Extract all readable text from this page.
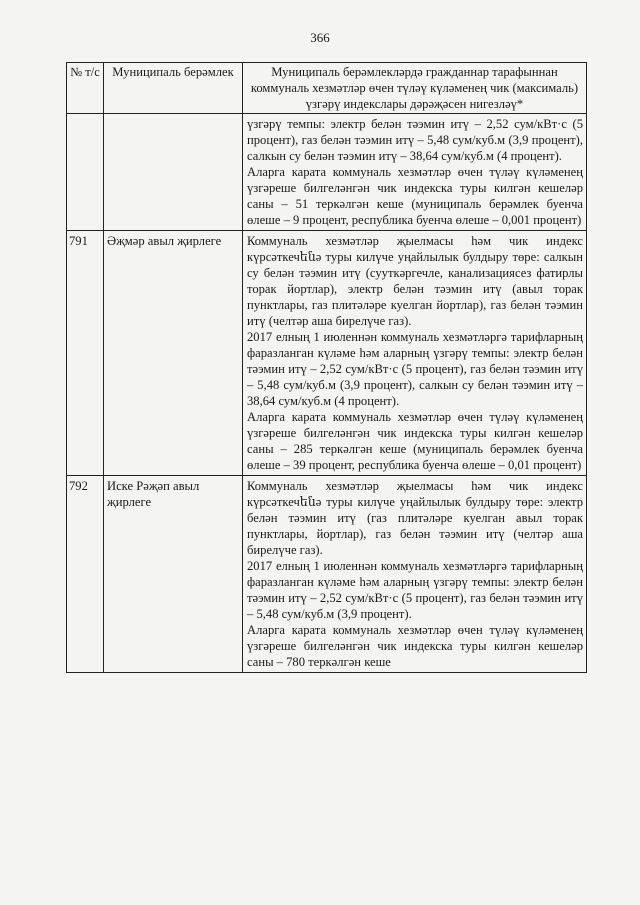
366
№ т/с	Муниципаль берәмлек	Муниципаль берәмлекләрдә гражданнар тарафыннан коммуналь хезмәтләр өчен түләү күләменең чик (максималь) үзгәрү индекслары дәрәҗәсен нигезләү*

		үзгәрү темпы: электр белән тәэмин итү – 2,52 сум/кВт·с (5 процент), газ белән тәэмин итү – 5,48 сум/куб.м (3,9 процент), салкын су белән тәэмин итү – 38,64 сум/куб.м (4 процент).
Аларга карата коммуналь хезмәтләр өчен түләү күләменең үзгәреше билгеләнгән чик индекска туры килгән кешеләр саны – 51 теркәлгән кеше (муниципаль берәмлек буенча өлеше – 9 процент, республика буенча өлеше – 0,001 процент)

791	Әҗмәр авыл җирлеге	Коммуналь хезмәтләр җыелмасы һәм чик индекс күрсәткечենә туры килүче уңайлылык булдыру төре: салкын су белән тәэмин итү (сууткәргечле, канализациясез фатирлы торак йортлар), электр белән тәэмин итү (авыл торак пунктлары, газ плитәләре куелган йортлар), газ белән тәэмин итү (челтәр аша бирелүче газ).
2017 елның 1 июленнән коммуналь хезмәтләргә тарифларның фаразланган күләме һәм аларның үзгәрү темпы: электр белән тәэмин итү – 2,52 сум/кВт·с (5 процент), газ белән тәэмин итү – 5,48 сум/куб.м (3,9 процент), салкын су белән тәэмин итү – 38,64 сум/куб.м (4 процент).
Аларга карата коммуналь хезмәтләр өчен түләү күләменең үзгәреше билгеләнгән чик индекска туры килгән кешеләр саны – 285 теркәлгән кеше (муниципаль берәмлек буенча өлеше – 39 процент, республика буенча өлеше – 0,01 процент)

792	Иске Рәҗәп авыл җирлеге	Коммуналь хезмәтләр җыелмасы һәм чик индекс күрсәткечենә туры килүче уңайлылык булдыру төре: электр белән тәэмин итү (газ плитәләре куелган авыл торак пунктлары, йортлар), газ белән тәэмин итү (челтәр аша бирелүче газ).
2017 елның 1 июленнән коммуналь хезмәтләргә тарифларның фаразланган күләме һәм аларның үзгәрү темпы: электр белән тәэмин итү – 2,52 сум/кВт·с (5 процент), газ белән тәэмин итү – 5,48 сум/куб.м (3,9 процент).
Аларга карата коммуналь хезмәтләр өчен түләү күләменең үзгәреше билгеләнгән чик индекска туры килгән кешеләр саны – 780 теркәлгән кеше
